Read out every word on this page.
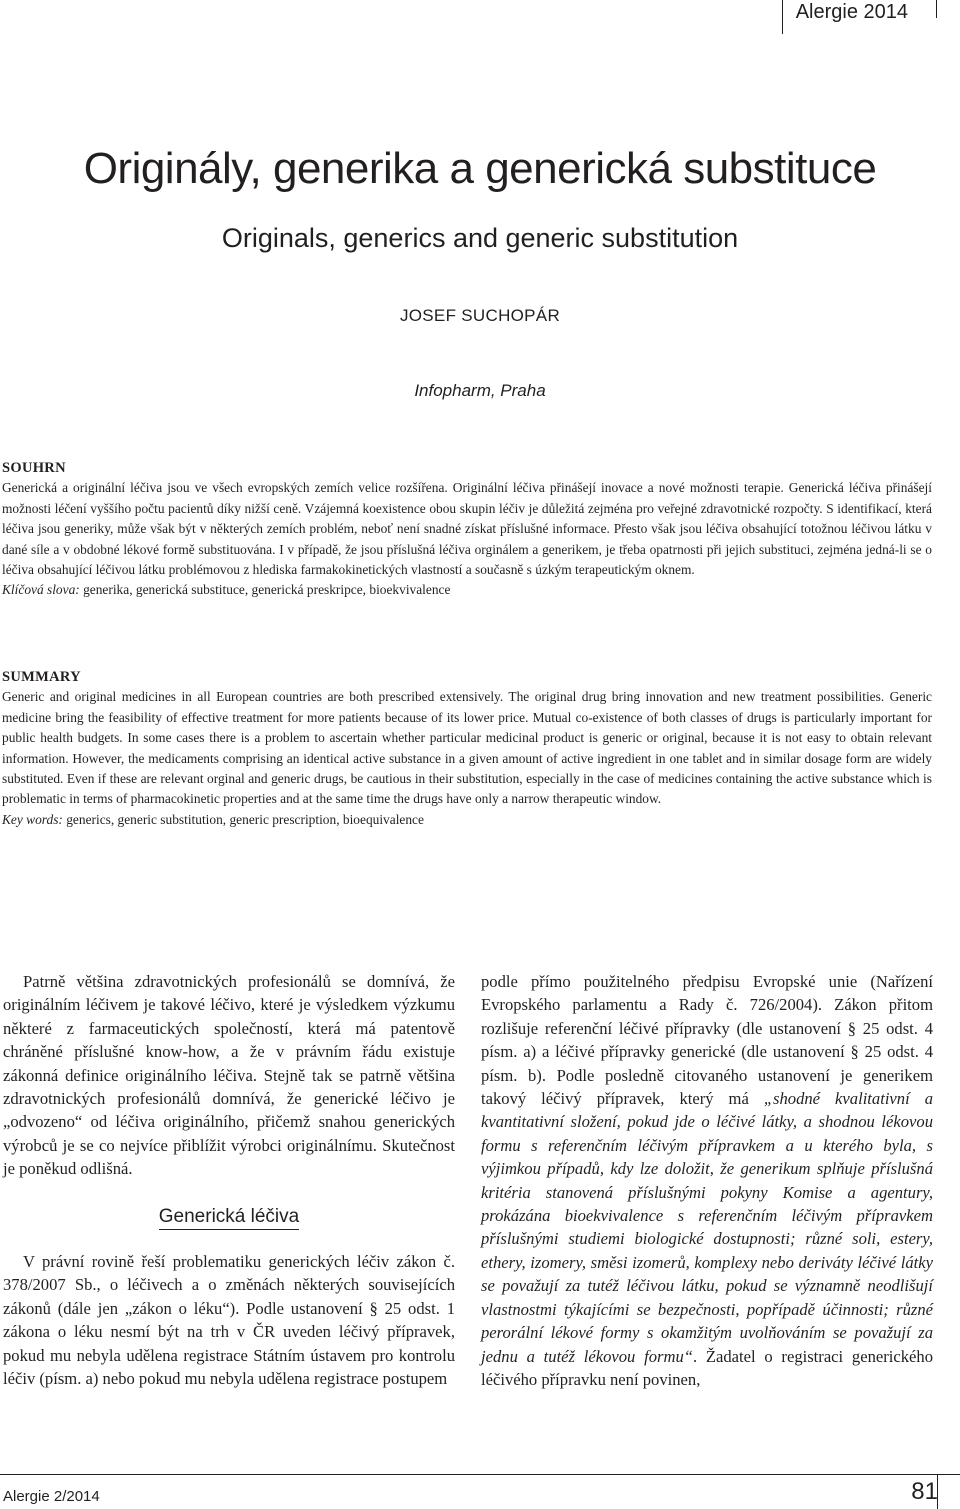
Alergie 2014
Originály, generika a generická substituce
Originals, generics and generic substitution
JOSEF SUCHOPÁR
Infopharm, Praha
SOUHRN
Generická a originální léčiva jsou ve všech evropských zemích velice rozšířena. Originální léčiva přinášejí inovace a nové možnosti terapie. Generická léčiva přinášejí možnosti léčení vyššího počtu pacientů díky nižší ceně. Vzájemná koexistence obou skupin léčiv je důležitá zejména pro veřejné zdravotnické rozpočty. S identifikací, která léčiva jsou generiky, může však být v některých zemích problém, neboť není snadné získat příslušné informace. Přesto však jsou léčiva obsahující totožnou léčivou látku v dané síle a v obdobné lékové formě substituována. I v případě, že jsou příslušná léčiva orginálem a generikem, je třeba opatrnosti při jejich substituci, zejména jedná-li se o léčiva obsahující léčivou látku problémovou z hlediska farmakokinetických vlastností a současně s úzkým terapeutickým oknem.
Klíčová slova: generika, generická substituce, generická preskripce, bioekvivalence
SUMMARY
Generic and original medicines in all European countries are both prescribed extensively. The original drug bring innovation and new treatment possibilities. Generic medicine bring the feasibility of effective treatment for more patients because of its lower price. Mutual co-existence of both classes of drugs is particularly important for public health budgets. In some cases there is a problem to ascertain whether particular medicinal product is generic or original, because it is not easy to obtain relevant information. However, the medicaments comprising an identical active substance in a given amount of active ingredient in one tablet and in similar dosage form are widely substituted. Even if these are relevant orginal and generic drugs, be cautious in their substitution, especially in the case of medicines containing the active substance which is problematic in terms of pharmacokinetic properties and at the same time the drugs have only a narrow therapeutic window.
Key words: generics, generic substitution, generic prescription, bioequivalence

Patrně většina zdravotnických profesionálů se domnívá, že originálním léčivem je takové léčivo, které je výsledkem výzkumu některé z farmaceutických společností, která má patentově chráněné příslušné know-how, a že v právním řádu existuje zákonná definice originálního léčiva. Stejně tak se patrně většina zdravotnických profesionálů domnívá, že generické léčivo je „odvozeno“ od léčiva originálního, přičemž snahou generických výrobců je se co nejvíce přiblížit výrobci originálnímu. Skutečnost je poněkud odlišná.

Generická léčiva

V právní rovině řeší problematiku generických léčiv zákon č. 378/2007 Sb., o léčivech a o změnách některých souvisejících zákonů (dále jen „zákon o léku“). Podle ustanovení § 25 odst. 1 zákona o léku nesmí být na trh v ČR uveden léčivý přípravek, pokud mu nebyla udělena registrace Státním ústavem pro kontrolu léčiv (písm. a) nebo pokud mu nebyla udělena registrace postupem

podle přímo použitelného předpisu Evropské unie (Nařízení Evropského parlamentu a Rady č. 726/2004). Zákon přitom rozlišuje referenční léčivé přípravky (dle ustanovení § 25 odst. 4 písm. a) a léčivé přípravky generické (dle ustanovení § 25 odst. 4 písm. b). Podle posledně citovaného ustanovení je generikem takový léčivý přípravek, který má „shodné kvalitativní a kvantitativní složení, pokud jde o léčivé látky, a shodnou lékovou formu s referenčním léčivým přípravkem a u kterého byla, s výjimkou případů, kdy lze doložit, že generikum splňuje příslušná kritéria stanovená příslušnými pokyny Komise a agentury, prokázána bioekvivalence s referenčním léčivým přípravkem příslušnými studiemi biologické dostupnosti; různé soli, estery, ethery, izomery, směsi izomerů, komplexy nebo deriváty léčivé látky se považují za tutéž léčivou látku, pokud se významně neodlišují vlastnostmi týkajícími se bezpečnosti, popřípadě účinnosti; různé perorální lékové formy s okamžitým uvolňováním se považují za jednu a tutéž lékovou formu“. Žadatel o registraci generického léčivého přípravku není povinen,

Alergie 2/2014	81
